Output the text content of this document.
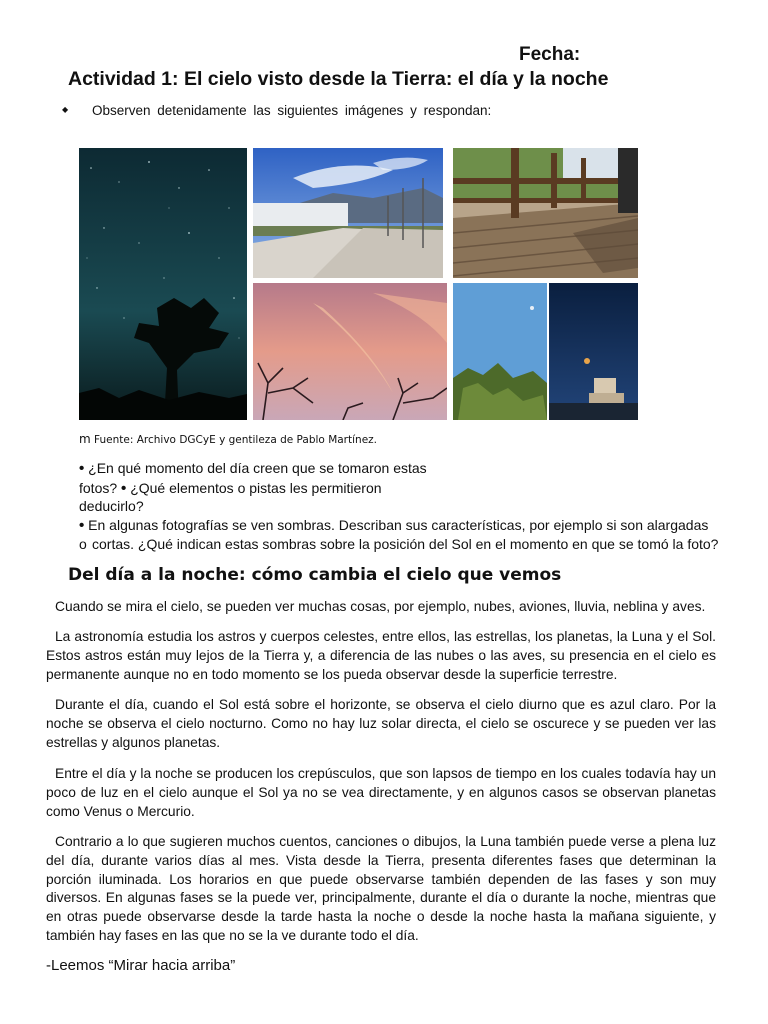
Fecha:
Actividad 1: El cielo visto desde la Tierra: el día y la noche
◆ Observen detenidamente las siguientes imágenes y respondan:
m Fuente: Archivo DGCyE y gentileza de Pablo Martínez.
• ¿En qué momento del día creen que se tomaron estas
fotos? • ¿Qué elementos o pistas les permitieron
deducirlo?
• En algunas fotografías se ven sombras. Describan sus características, por ejemplo si son alargadas o cortas. ¿Qué indican estas sombras sobre la posición del Sol en el momento en que se tomó la foto?
Del día a la noche: cómo cambia el cielo que vemos
Cuando se mira el cielo, se pueden ver muchas cosas, por ejemplo, nubes, aviones, lluvia, neblina y aves.
La astronomía estudia los astros y cuerpos celestes, entre ellos, las estrellas, los planetas, la Luna y el Sol. Estos astros están muy lejos de la Tierra y, a diferencia de las nubes o las aves, su presencia en el cielo es permanente aunque no en todo momento se los pueda observar desde la superficie terrestre.
Durante el día, cuando el Sol está sobre el horizonte, se observa el cielo diurno que es azul claro. Por la noche se observa el cielo nocturno. Como no hay luz solar directa, el cielo se oscurece y se pueden ver las estrellas y algunos planetas.
Entre el día y la noche se producen los crepúsculos, que son lapsos de tiempo en los cuales todavía hay un poco de luz en el cielo aunque el Sol ya no se vea directamente, y en algunos casos se observan planetas como Venus o Mercurio.
Contrario a lo que sugieren muchos cuentos, canciones o dibujos, la Luna también puede verse a plena luz del día, durante varios días al mes. Vista desde la Tierra, presenta diferentes fases que determinan la porción iluminada. Los horarios en que puede observarse también dependen de las fases y son muy diversos. En algunas fases se la puede ver, principalmente, durante el día o durante la noche, mientras que en otras puede observarse desde la tarde hasta la noche o desde la noche hasta la mañana siguiente, y también hay fases en las que no se la ve durante todo el día.
-Leemos “Mirar hacia arriba”
